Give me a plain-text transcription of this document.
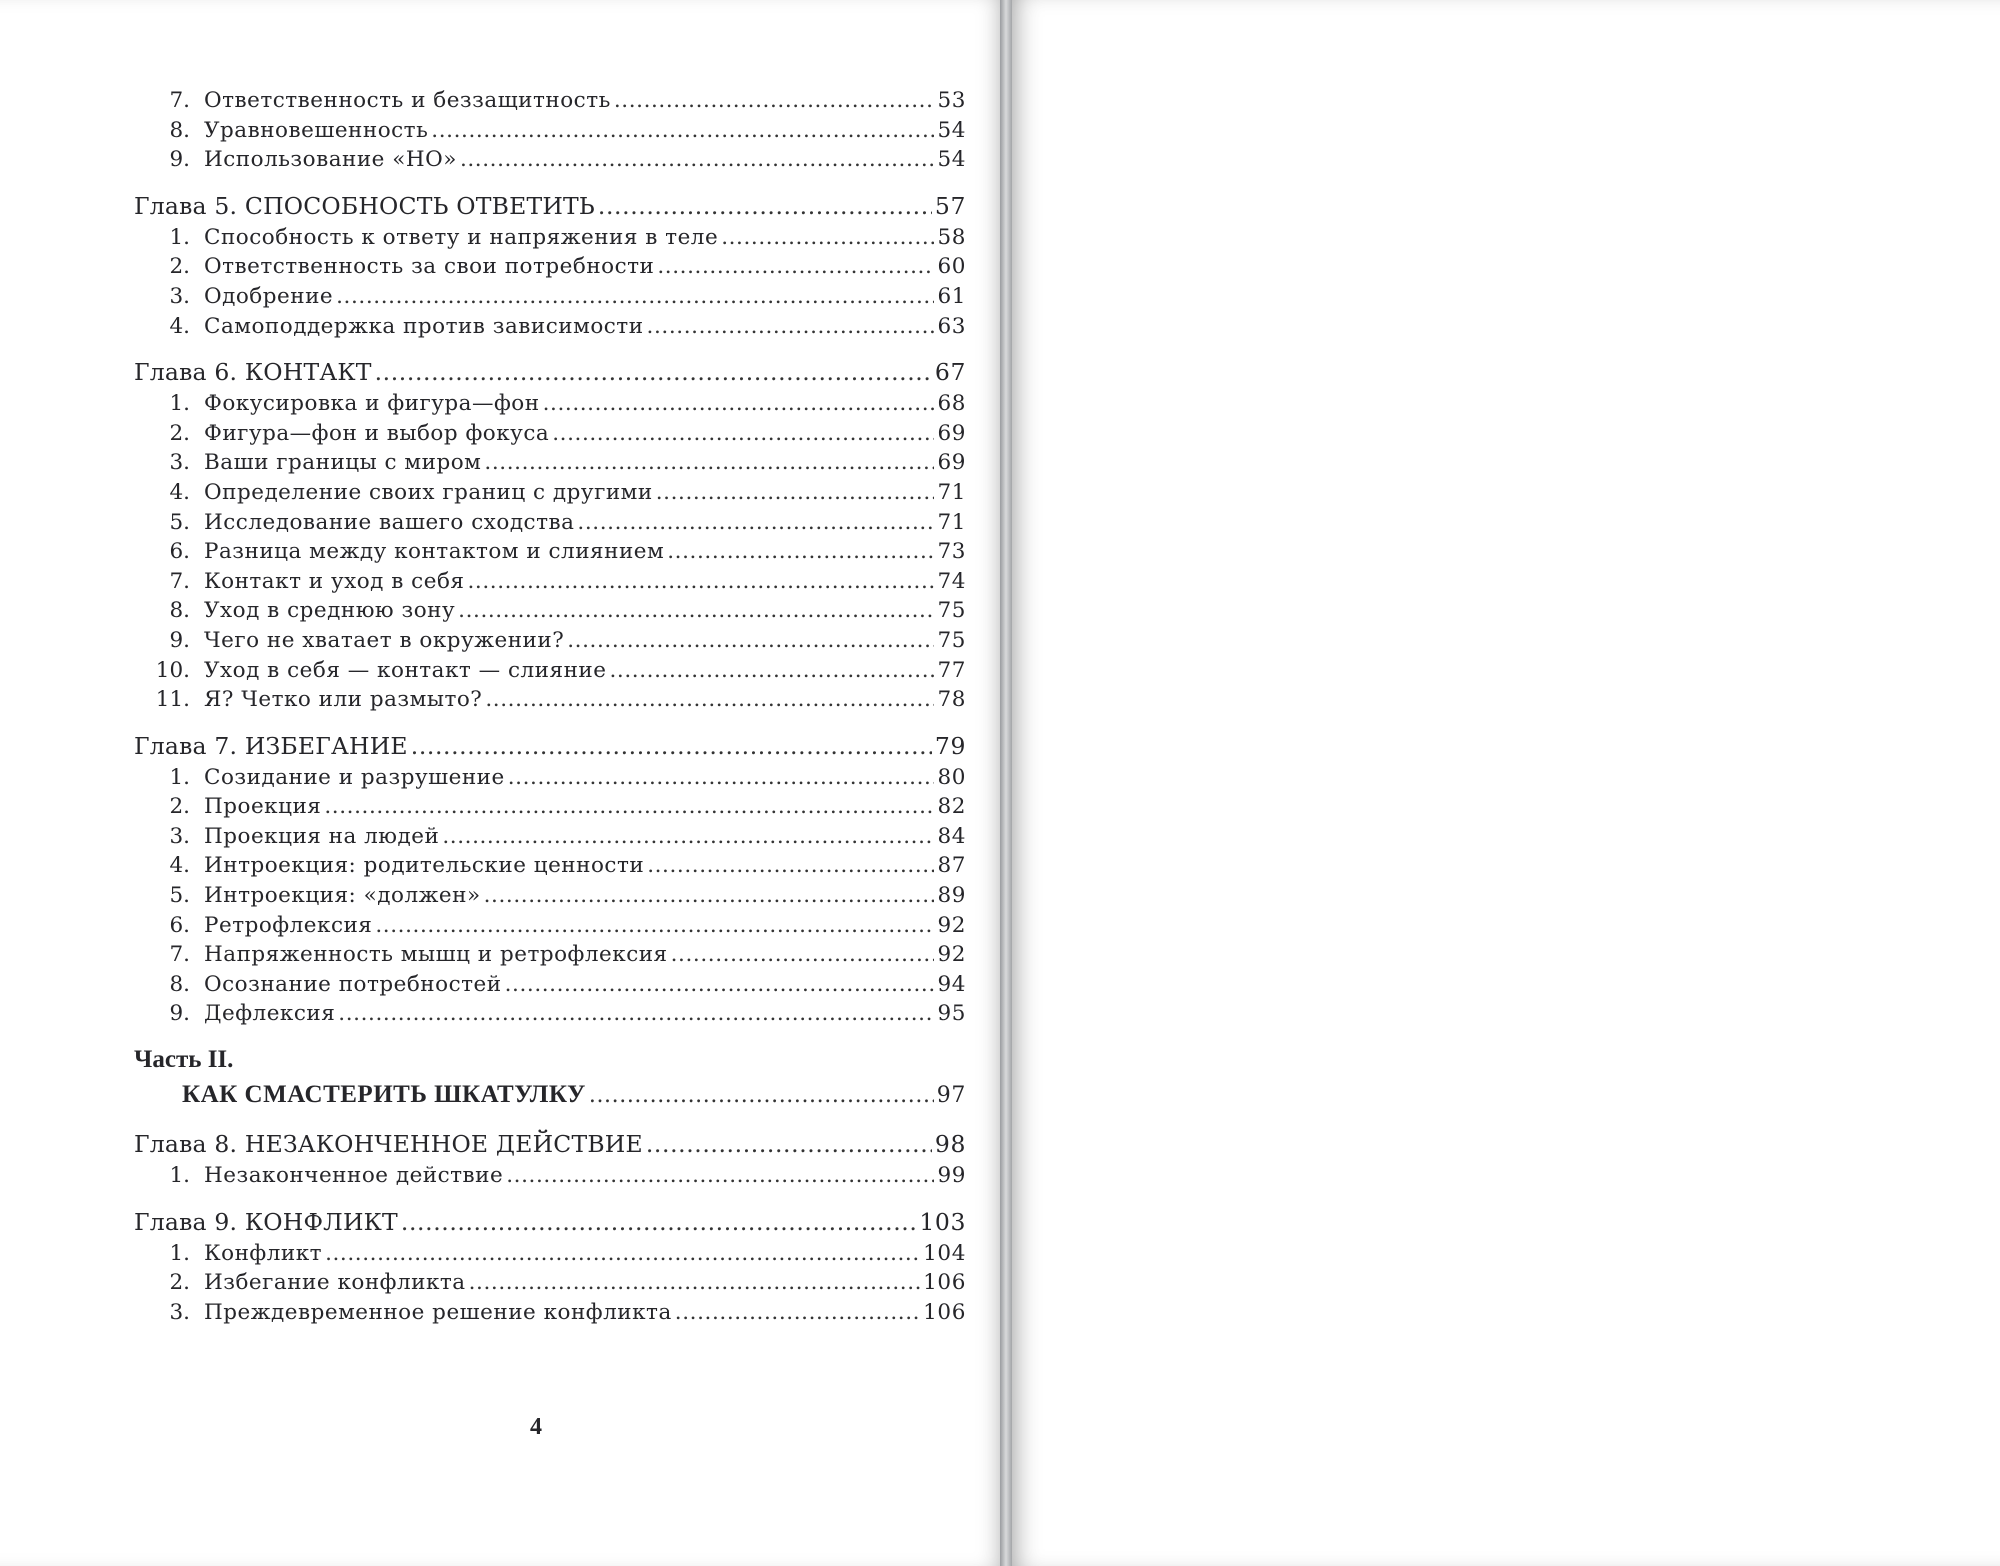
7. Ответственность и беззащитность .....	53
8. Уравновешенность .....	54
9. Использование «НО» .....	54
Глава 5. СПОСОБНОСТЬ ОТВЕТИТЬ .....	57
1. Способность к ответу и напряжения в теле .....	58
2. Ответственность за свои потребности .....	60
3. Одобрение .....	61
4. Самоподдержка против зависимости .....	63
Глава 6. КОНТАКТ .....	67
1. Фокусировка и фигура—фон .....	68
2. Фигура—фон и выбор фокуса .....	69
3. Ваши границы с миром .....	69
4. Определение своих границ с другими .....	71
5. Исследование вашего сходства .....	71
6. Разница между контактом и слиянием .....	73
7. Контакт и уход в себя .....	74
8. Уход в среднюю зону .....	75
9. Чего не хватает в окружении? .....	75
10. Уход в себя — контакт — слияние .....	77
11. Я? Четко или размыто? .....	78
Глава 7. ИЗБЕГАНИЕ .....	79
1. Созидание и разрушение .....	80
2. Проекция .....	82
3. Проекция на людей .....	84
4. Интроекция: родительские ценности .....	87
5. Интроекция: «должен» .....	89
6. Ретрофлексия .....	92
7. Напряженность мышц и ретрофлексия .....	92
8. Осознание потребностей .....	94
9. Дефлексия .....	95
Часть II.
КАК СМАСТЕРИТЬ ШКАТУЛКУ .....	97
Глава 8. НЕЗАКОНЧЕННОЕ ДЕЙСТВИЕ .....	98
1. Незаконченное действие .....	99
Глава 9. КОНФЛИКТ .....	103
1. Конфликт .....	104
2. Избегание конфликта .....	106
3. Преждевременное решение конфликта .....	106
4
